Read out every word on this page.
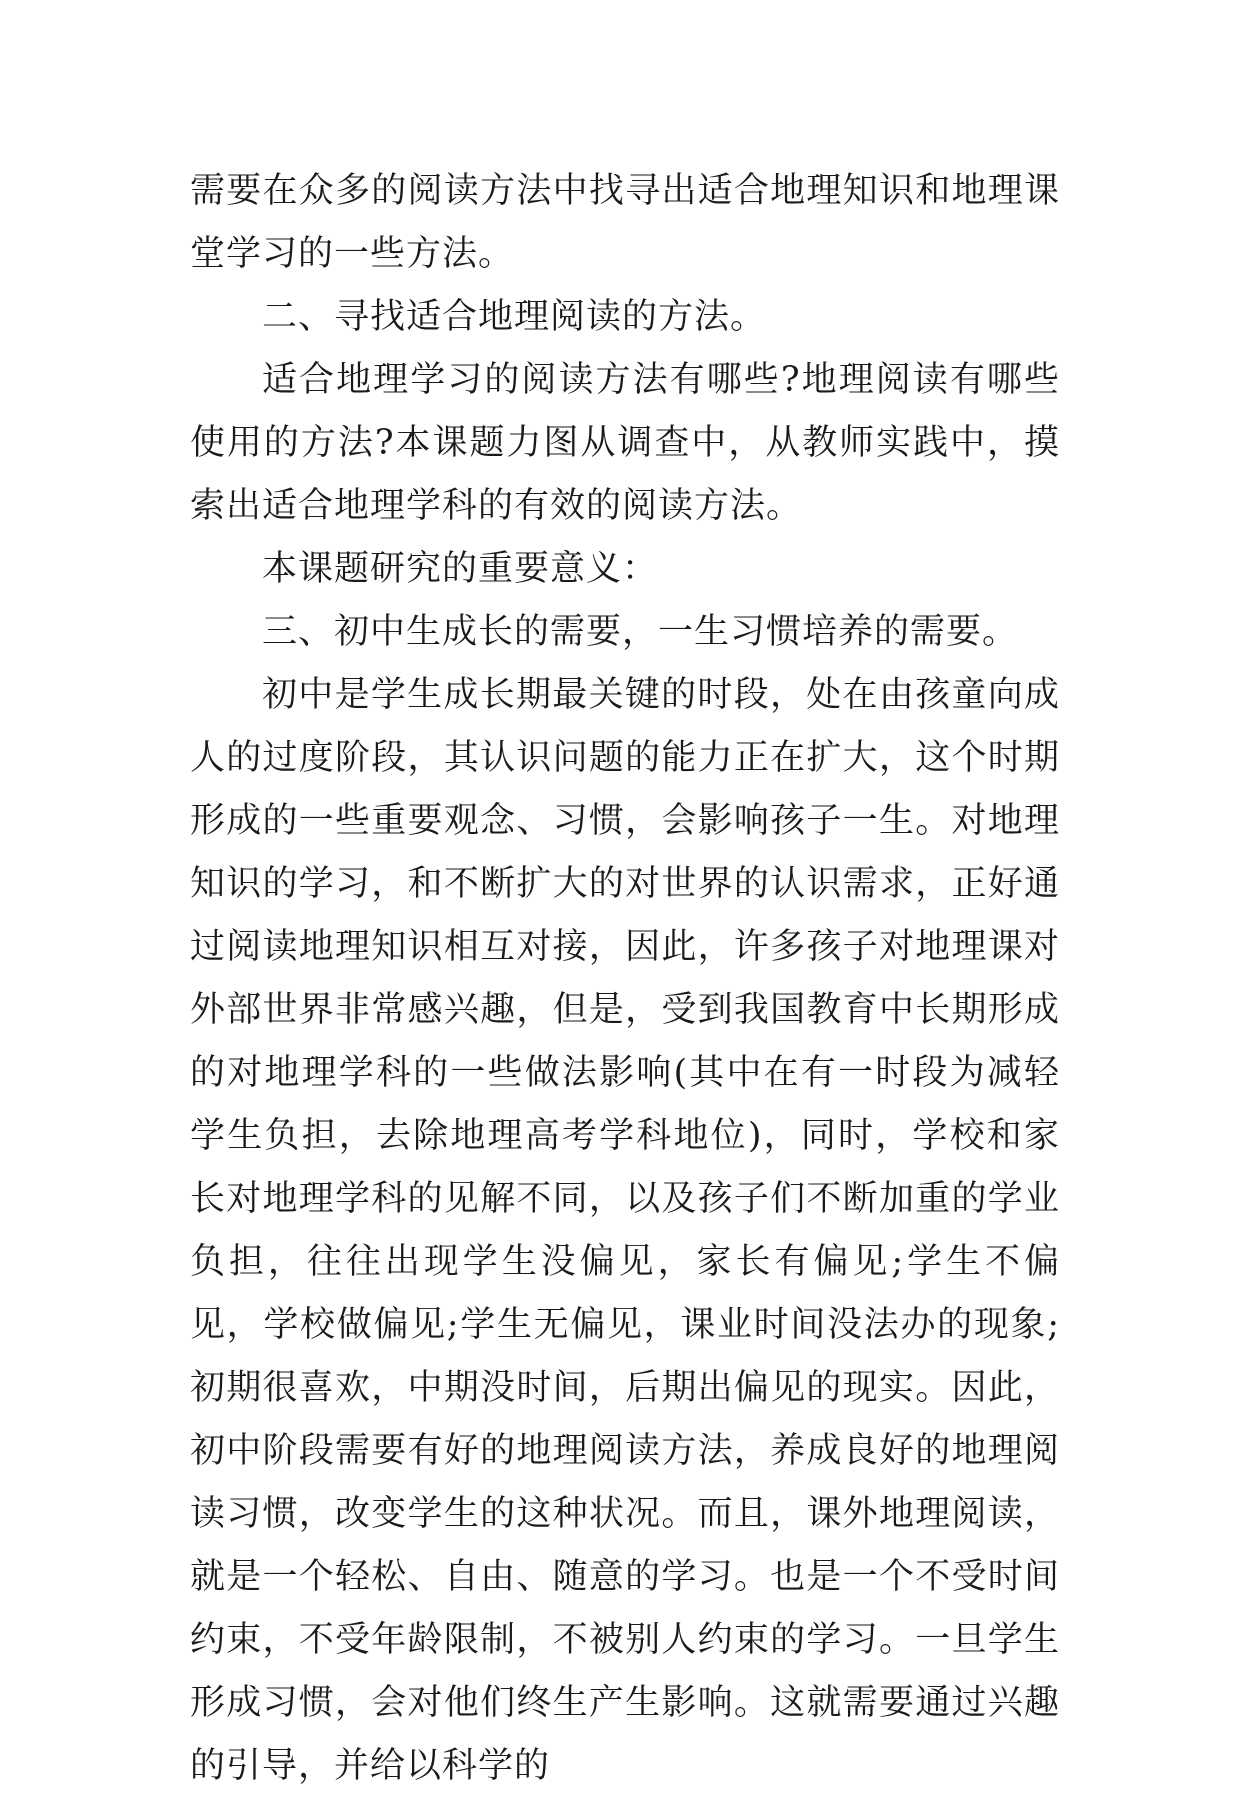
需要在众多的阅读方法中找寻出适合地理知识和地理课堂学习的一些方法。

二、寻找适合地理阅读的方法。

适合地理学习的阅读方法有哪些?地理阅读有哪些使用的方法?本课题力图从调查中，从教师实践中，摸索出适合地理学科的有效的阅读方法。

本课题研究的重要意义：

三、初中生成长的需要，一生习惯培养的需要。

初中是学生成长期最关键的时段，处在由孩童向成人的过度阶段，其认识问题的能力正在扩大，这个时期形成的一些重要观念、习惯，会影响孩子一生。对地理知识的学习，和不断扩大的对世界的认识需求，正好通过阅读地理知识相互对接，因此，许多孩子对地理课对外部世界非常感兴趣，但是，受到我国教育中长期形成的对地理学科的一些做法影响(其中在有一时段为减轻学生负担，去除地理高考学科地位)，同时，学校和家长对地理学科的见解不同，以及孩子们不断加重的学业负担，往往出现学生没偏见，家长有偏见;学生不偏见，学校做偏见;学生无偏见，课业时间没法办的现象;初期很喜欢，中期没时间，后期出偏见的现实。因此，初中阶段需要有好的地理阅读方法，养成良好的地理阅读习惯，改变学生的这种状况。而且，课外地理阅读，就是一个轻松、自由、随意的学习。也是一个不受时间约束，不受年龄限制，不被别人约束的学习。一旦学生形成习惯，会对他们终生产生影响。这就需要通过兴趣的引导，并给以科学的
